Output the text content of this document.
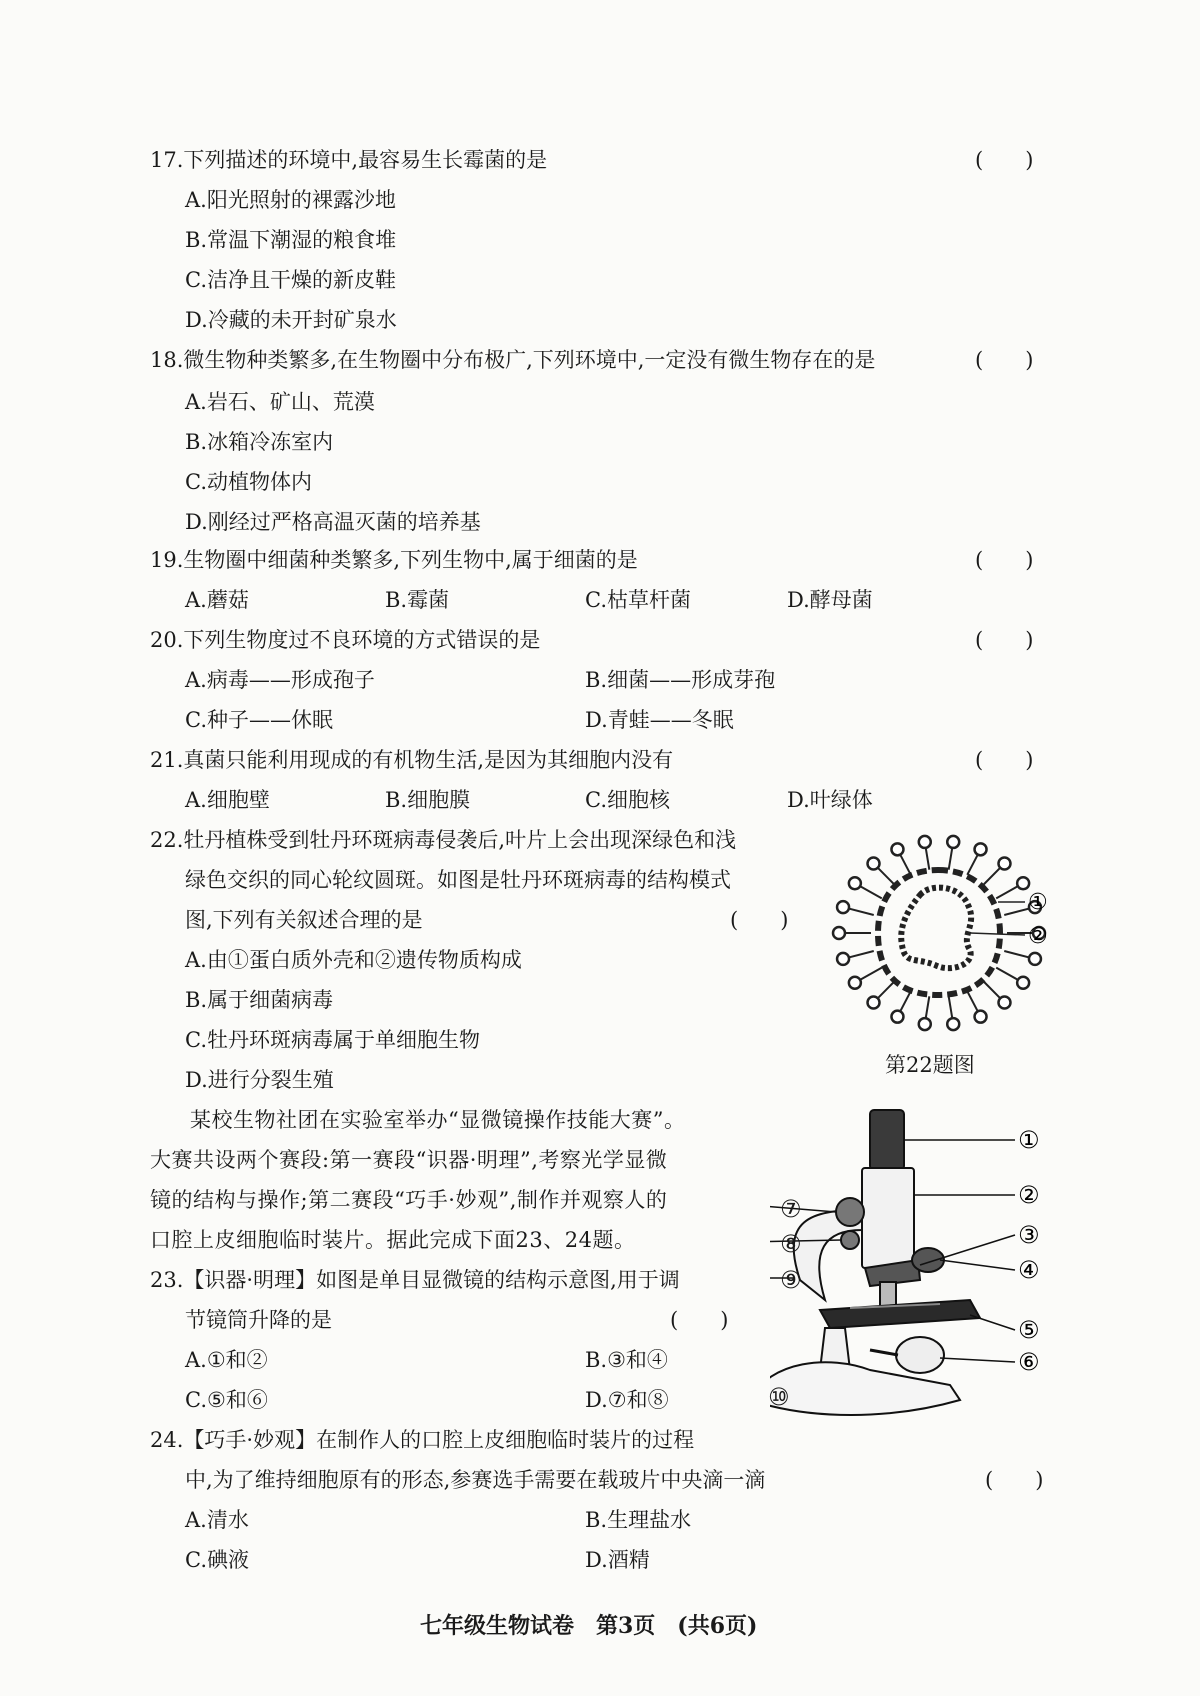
17.下列描述的环境中,最容易生长霉菌的是	(　　)
A.阳光照射的裸露沙地
B.常温下潮湿的粮食堆
C.洁净且干燥的新皮鞋
D.冷藏的未开封矿泉水
18.微生物种类繁多,在生物圈中分布极广,下列环境中,一定没有微生物存在的是	(　　)
A.岩石、矿山、荒漠
B.冰箱冷冻室内
C.动植物体内
D.刚经过严格高温灭菌的培养基
19.生物圈中细菌种类繁多,下列生物中,属于细菌的是	(　　)
A.蘑菇	B.霉菌	C.枯草杆菌	D.酵母菌
20.下列生物度过不良环境的方式错误的是	(　　)
A.病毒——形成孢子	B.细菌——形成芽孢
C.种子——休眠	D.青蛙——冬眠
21.真菌只能利用现成的有机物生活,是因为其细胞内没有	(　　)
A.细胞壁	B.细胞膜	C.细胞核	D.叶绿体
22.牡丹植株受到牡丹环斑病毒侵袭后,叶片上会出现深绿色和浅
绿色交织的同心轮纹圆斑。如图是牡丹环斑病毒的结构模式
图,下列有关叙述合理的是	(　　)
A.由①蛋白质外壳和②遗传物质构成
B.属于细菌病毒
C.牡丹环斑病毒属于单细胞生物
D.进行分裂生殖
①
②
第22题图
某校生物社团在实验室举办“显微镜操作技能大赛”。
大赛共设两个赛段:第一赛段“识器·明理”,考察光学显微
镜的结构与操作;第二赛段“巧手·妙观”,制作并观察人的
口腔上皮细胞临时装片。据此完成下面23、24题。
23.【识器·明理】如图是单目显微镜的结构示意图,用于调
节镜筒升降的是	(　　)
A.①和②	B.③和④
C.⑤和⑥	D.⑦和⑧
①
②
③
④
⑤
⑥
⑦
⑧
⑨
⑩
24.【巧手·妙观】在制作人的口腔上皮细胞临时装片的过程
中,为了维持细胞原有的形态,参赛选手需要在载玻片中央滴一滴	(　　)
A.清水	B.生理盐水
C.碘液	D.酒精
七年级生物试卷　第3页　(共6页)
